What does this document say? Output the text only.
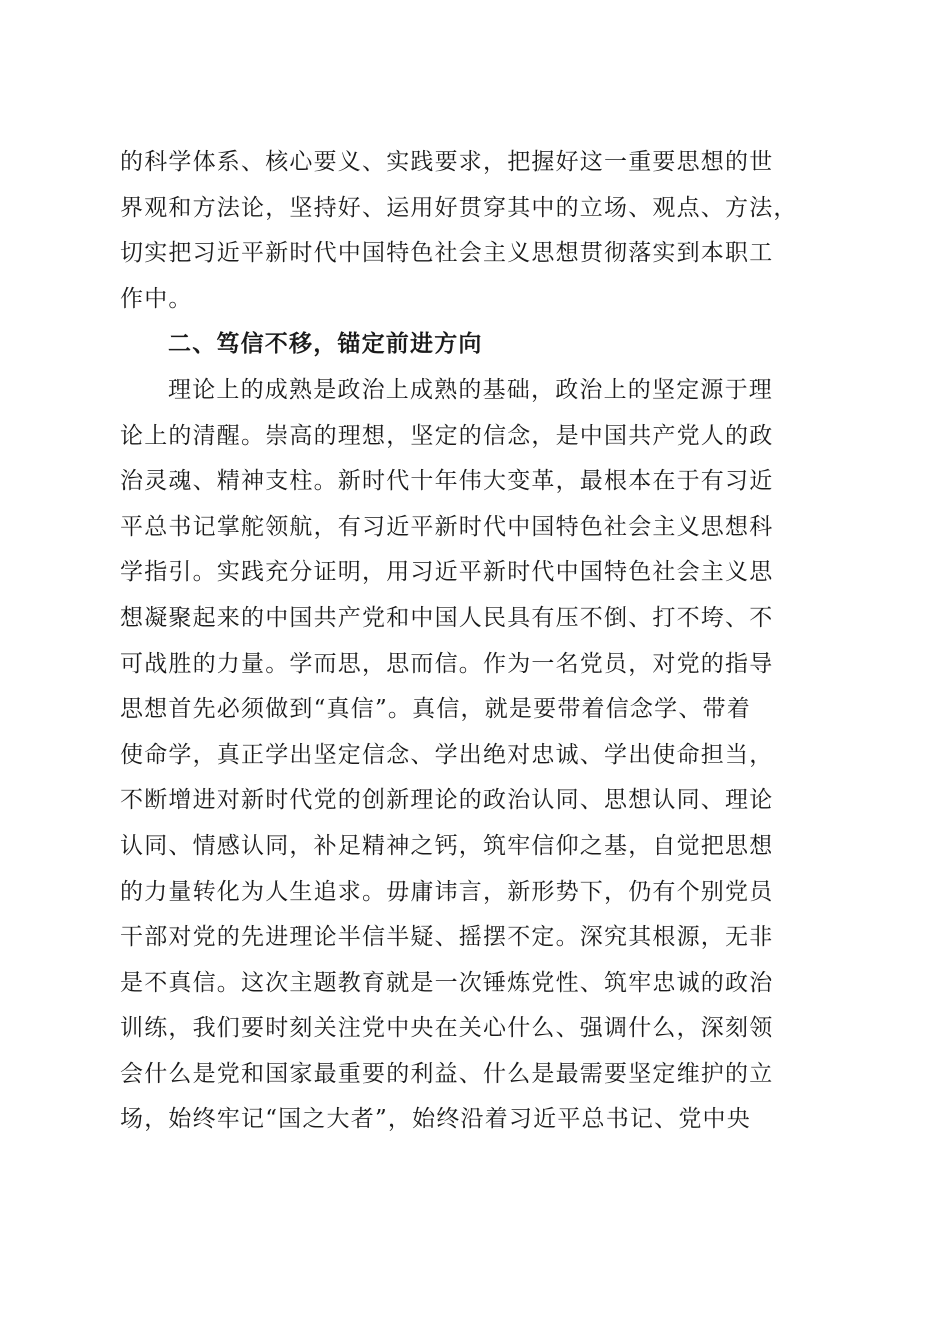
的科学体系、核心要义、实践要求，把握好这一重要思想的世
界观和方法论，坚持好、运用好贯穿其中的立场、观点、方法，
切实把习近平新时代中国特色社会主义思想贯彻落实到本职工
作中。
二、笃信不移，锚定前进方向
理论上的成熟是政治上成熟的基础，政治上的坚定源于理
论上的清醒。崇高的理想，坚定的信念，是中国共产党人的政
治灵魂、精神支柱。新时代十年伟大变革，最根本在于有习近
平总书记掌舵领航，有习近平新时代中国特色社会主义思想科
学指引。实践充分证明，用习近平新时代中国特色社会主义思
想凝聚起来的中国共产党和中国人民具有压不倒、打不垮、不
可战胜的力量。学而思，思而信。作为一名党员，对党的指导
思想首先必须做到“真信”。真信，就是要带着信念学、带着
使命学，真正学出坚定信念、学出绝对忠诚、学出使命担当，
不断增进对新时代党的创新理论的政治认同、思想认同、理论
认同、情感认同，补足精神之钙，筑牢信仰之基，自觉把思想
的力量转化为人生追求。毋庸讳言，新形势下，仍有个别党员
干部对党的先进理论半信半疑、摇摆不定。深究其根源，无非
是不真信。这次主题教育就是一次锤炼党性、筑牢忠诚的政治
训练，我们要时刻关注党中央在关心什么、强调什么，深刻领
会什么是党和国家最重要的利益、什么是最需要坚定维护的立
场，始终牢记“国之大者”，始终沿着习近平总书记、党中央
